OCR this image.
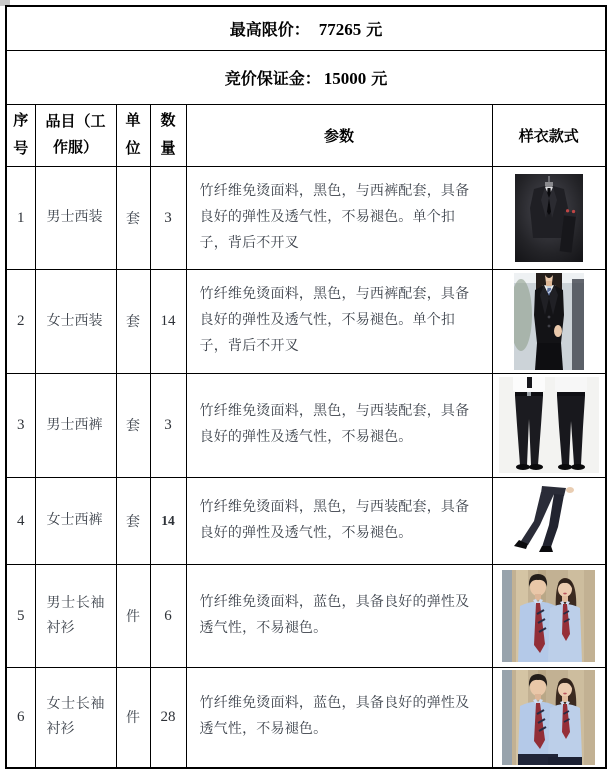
最高限价： 77265 元					
竞价保证金： 15000 元					
序号	品目（工作服）	单位	数量	参数	样衣款式
1	男士西装	套	3	竹纤维免烫面料，黑色，与西裤配套，具备良好的弹性及透气性，不易褪色。单个扣子，背后不开叉

2	女士西装	套	14	竹纤维免烫面料，黑色，与西裤配套，具备良好的弹性及透气性，不易褪色。单个扣子，背后不开叉

3	男士西裤	套	3	竹纤维免烫面料，黑色，与西装配套，具备良好的弹性及透气性，不易褪色。

4	女士西裤	套	14	竹纤维免烫面料，黑色，与西装配套，具备良好的弹性及透气性，不易褪色。

5	男士长袖衬衫	件	6	竹纤维免烫面料，蓝色，具备良好的弹性及透气性，不易褪色。

6	女士长袖衬衫	件	28	竹纤维免烫面料，蓝色，具备良好的弹性及透气性，不易褪色。
